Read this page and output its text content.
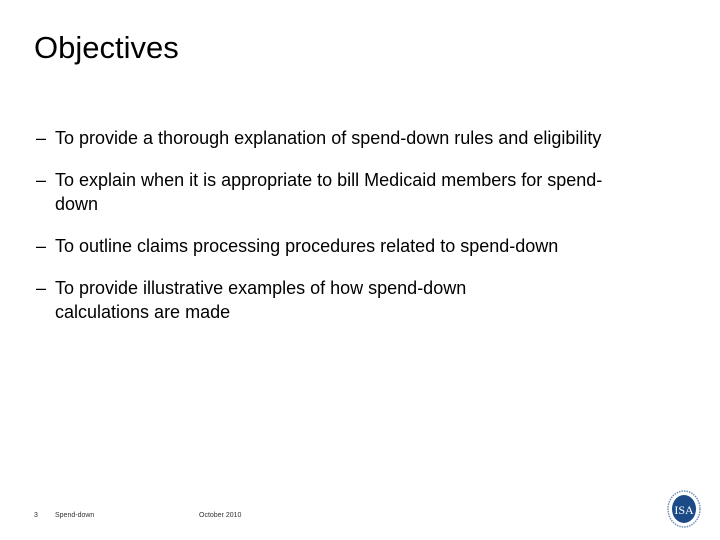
Objectives
– To provide a thorough explanation of spend-down rules and eligibility
– To explain when it is appropriate to bill Medicaid members for spend-down
– To outline claims processing procedures related to spend-down
– To provide illustrative examples of how spend-down calculations are made
3 Spend-down	October 2010	ISA
